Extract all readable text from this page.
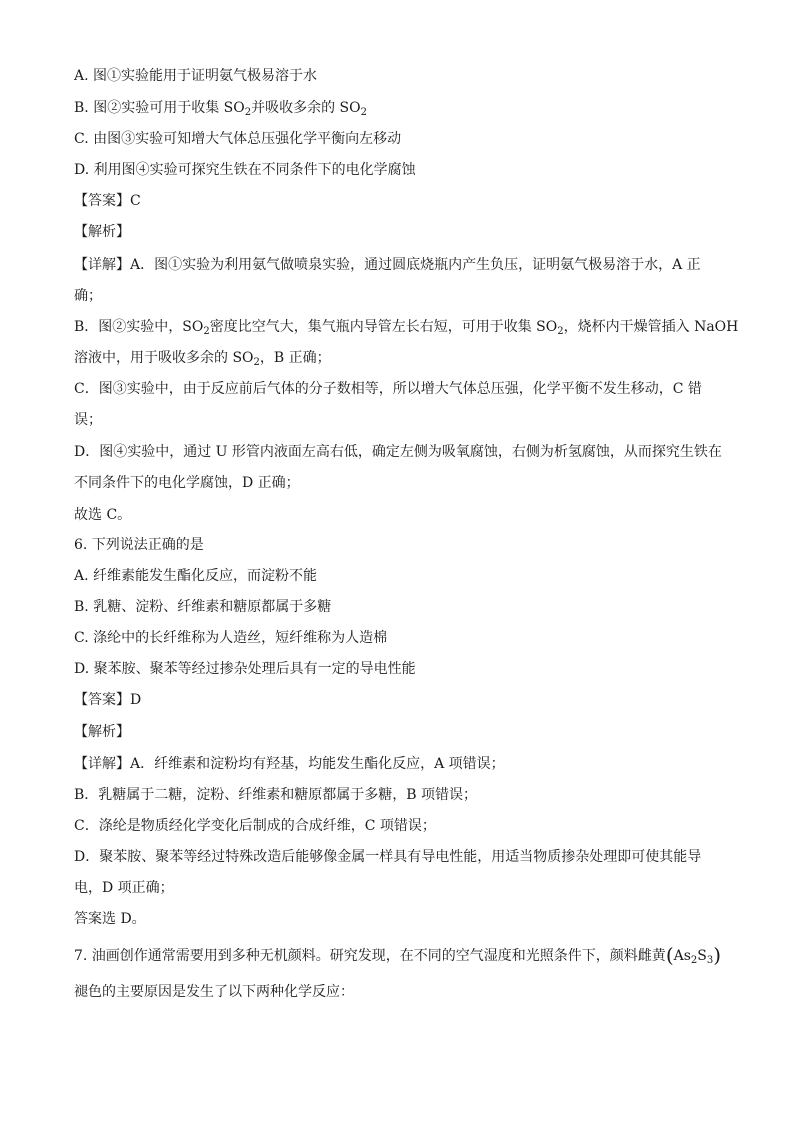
A. 图①实验能用于证明氨气极易溶于水
B. 图②实验可用于收集 $SO_2$并吸收多余的 $SO_2$
C. 由图③实验可知增大气体总压强化学平衡向左移动
D. 利用图④实验可探究生铁在不同条件下的电化学腐蚀
【答案】C
【解析】
【详解】A．图①实验为利用氨气做喷泉实验，通过圆底烧瓶内产生负压，证明氨气极易溶于水，A 正
确；
B．图②实验中，$SO_2$密度比空气大，集气瓶内导管左长右短，可用于收集 $SO_2$，烧杯内干燥管插入 NaOH
溶液中，用于吸收多余的 $SO_2$，B 正确；
C．图③实验中，由于反应前后气体的分子数相等，所以增大气体总压强，化学平衡不发生移动，C 错
误；
D．图④实验中，通过 U 形管内液面左高右低，确定左侧为吸氧腐蚀，右侧为析氢腐蚀，从而探究生铁在
不同条件下的电化学腐蚀，D 正确；
故选 C。
6. 下列说法正确的是
A. 纤维素能发生酯化反应，而淀粉不能
B. 乳糖、淀粉、纤维素和糖原都属于多糖
C. 涤纶中的长纤维称为人造丝，短纤维称为人造棉
D. 聚苯胺、聚苯等经过掺杂处理后具有一定的导电性能
【答案】D
【解析】
【详解】A．纤维素和淀粉均有羟基，均能发生酯化反应，A 项错误；
B．乳糖属于二糖，淀粉、纤维素和糖原都属于多糖，B 项错误；
C．涤纶是物质经化学变化后制成的合成纤维，C 项错误；
D．聚苯胺、聚苯等经过特殊改造后能够像金属一样具有导电性能，用适当物质掺杂处理即可使其能导
电，D 项正确；
答案选 D。
7. 油画创作通常需要用到多种无机颜料。研究发现，在不同的空气湿度和光照条件下，颜料雌黄$(As_2S_3)$
褪色的主要原因是发生了以下两种化学反应：
